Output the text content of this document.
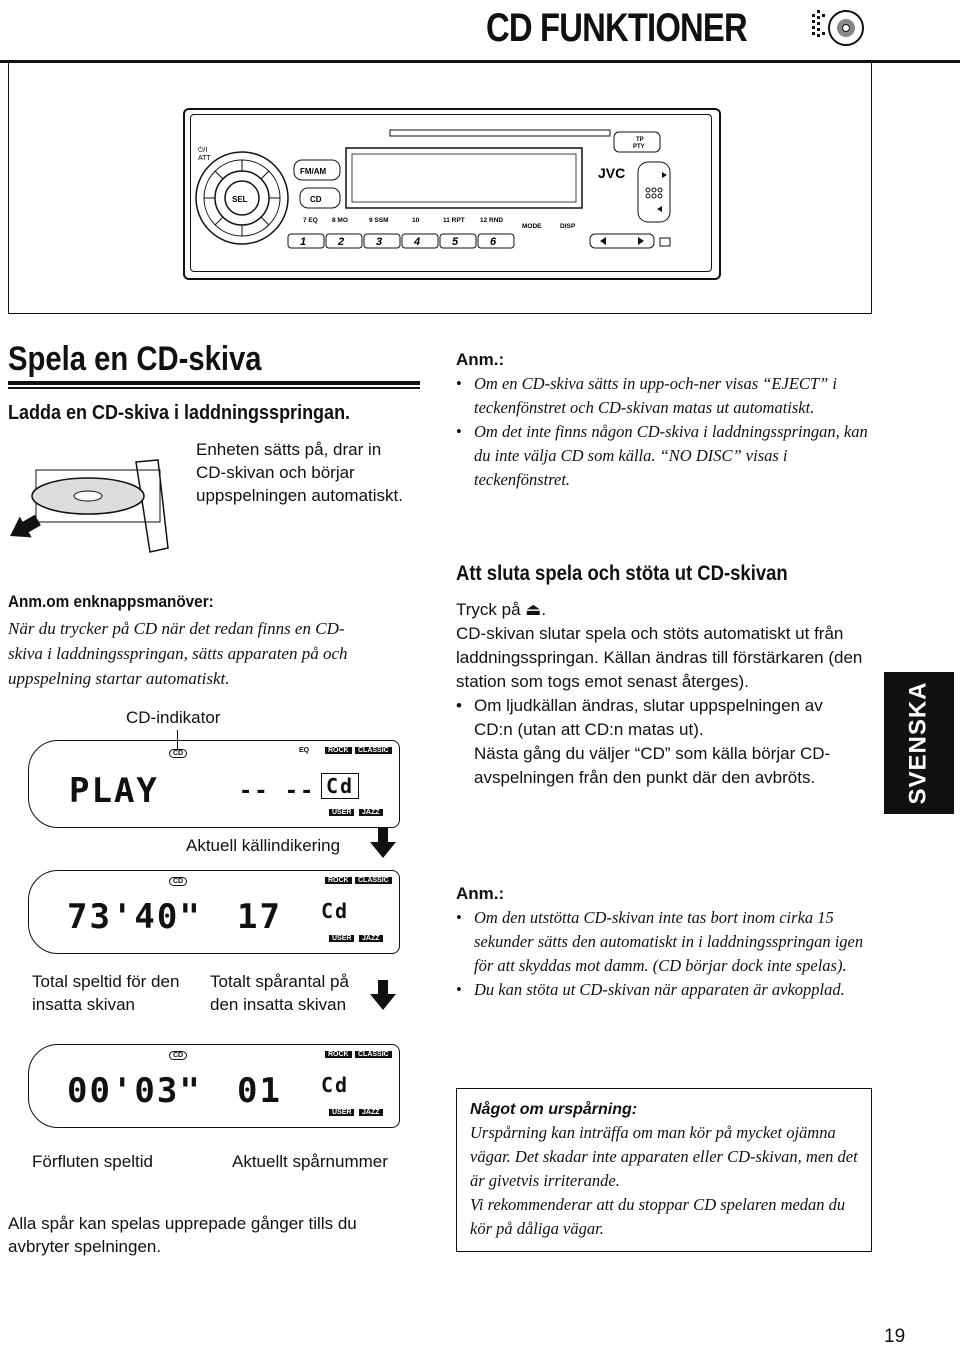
CD FUNKTIONER
⏻/I
ATT
SEL
FM/AM
CD
TP
PTY
JVC
7 EQ 8 MO	9 SSM	10	11 RPT 12 RND
MODE	DISP
1	2	3	4	5	6
Spela en CD-skiva
Ladda en CD-skiva i laddningsspringan.
Enheten sätts på, drar in CD-skivan och börjar uppspelningen automatiskt.
Anm.om enknappsmanöver:
När du trycker på CD när det redan finns en CD-skiva i laddningsspringan, sätts apparaten på och uppspelning startar automatiskt.
CD-indikator
PLAY	-- -- Cd
ROCK	CLASSIC
EQ
USER	JAZZ
CD
Aktuell källindikering
73'40" 17 Cd
ROCK	CLASSIC
USER	JAZZ
CD
Total speltid för den insatta skivan
Totalt spårantal på den insatta skivan
00'03" 01 Cd
ROCK	CLASSIC
USER	JAZZ
CD
Förfluten speltid	Aktuellt spårnummer
Alla spår kan spelas upprepade gånger tills du avbryter spelningen.
Anm.:
• Om en CD-skiva sätts in upp-och-ner visas “EJECT” i teckenfönstret och CD-skivan matas ut automatiskt.
• Om det inte finns någon CD-skiva i laddningsspringan, kan du inte välja CD som källa. “NO DISC” visas i teckenfönstret.
Att sluta spela och stöta ut CD-skivan
Tryck på ⏏.
CD-skivan slutar spela och stöts automatiskt ut från laddningsspringan. Källan ändras till förstärkaren (den station som togs emot senast återges).
• Om ljudkällan ändras, slutar uppspelningen av CD:n (utan att CD:n matas ut).
Nästa gång du väljer “CD” som källa börjar CD-avspelningen från den punkt där den avbröts.	SVENSKA
Anm.:
• Om den utstötta CD-skivan inte tas bort inom cirka 15 sekunder sätts den automatiskt in i laddningsspringan igen för att skyddas mot damm. (CD börjar dock inte spelas).
• Du kan stöta ut CD-skivan när apparaten är avkopplad.
Något om urspårning:
Urspårning kan inträffa om man kör på mycket ojämna vägar. Det skadar inte apparaten eller CD-skivan, men det är givetvis irriterande.
Vi rekommenderar att du stoppar CD spelaren medan du kör på dåliga vägar.
19
